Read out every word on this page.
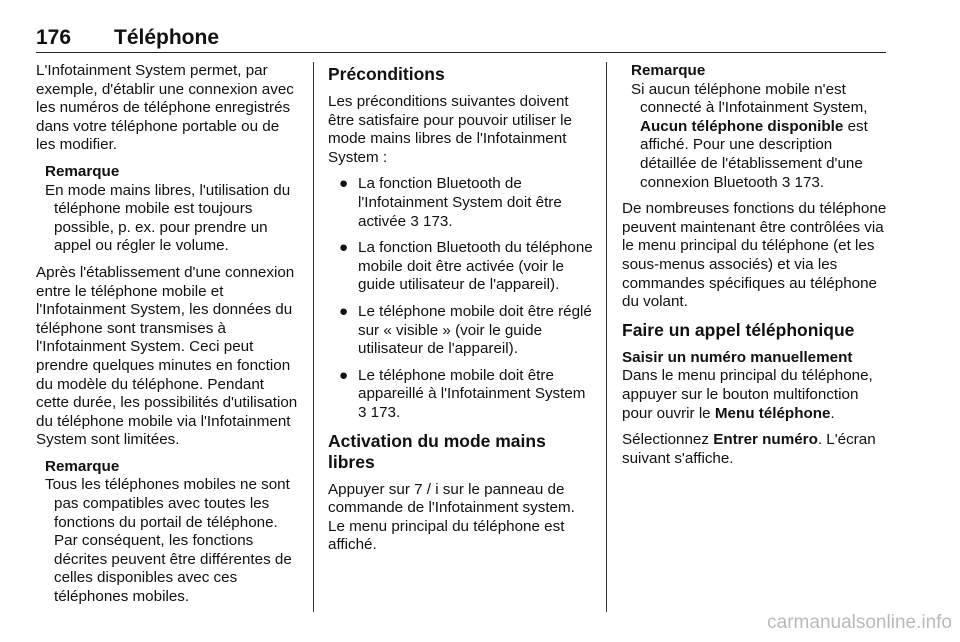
176 Téléphone

L'Infotainment System permet, par exemple, d'établir une connexion avec les numéros de téléphone enregistrés dans votre téléphone portable ou de les modifier.

Remarque
En mode mains libres, l'utilisation du téléphone mobile est toujours possible, p. ex. pour prendre un appel ou régler le volume.

Après l'établissement d'une connexion entre le téléphone mobile et l'Infotainment System, les données du téléphone sont transmises à l'Infotainment System. Ceci peut prendre quelques minutes en fonction du modèle du téléphone. Pendant cette durée, les possibilités d'utilisation du téléphone mobile via l'Infotainment System sont limitées.

Remarque
Tous les téléphones mobiles ne sont pas compatibles avec toutes les fonctions du portail de téléphone. Par conséquent, les fonctions décrites peuvent être différentes de celles disponibles avec ces téléphones mobiles.
Préconditions

Les préconditions suivantes doivent être satisfaire pour pouvoir utiliser le mode mains libres de l'Infotainment System :

● La fonction Bluetooth de l'Infotainment System doit être activée 3 173.
● La fonction Bluetooth du téléphone mobile doit être activée (voir le guide utilisateur de l'appareil).
● Le téléphone mobile doit être réglé sur « visible » (voir le guide utilisateur de l'appareil).
● Le téléphone mobile doit être appareillé à l'Infotainment System 3 173.
Activation du mode mains libres

Appuyer sur 7 / i sur le panneau de commande de l'Infotainment system. Le menu principal du téléphone est affiché.

Remarque
Si aucun téléphone mobile n'est connecté à l'Infotainment System, Aucun téléphone disponible est affiché. Pour une description détaillée de l'établissement d'une connexion Bluetooth 3 173.

De nombreuses fonctions du téléphone peuvent maintenant être contrôlées via le menu principal du téléphone (et les sous-menus associés) et via les commandes spécifiques au téléphone du volant.

Faire un appel téléphonique
Saisir un numéro manuellement

Dans le menu principal du téléphone, appuyer sur le bouton multifonction pour ouvrir le Menu téléphone.

Sélectionnez Entrer numéro. L'écran suivant s'affiche.

carmanualsonline.info
